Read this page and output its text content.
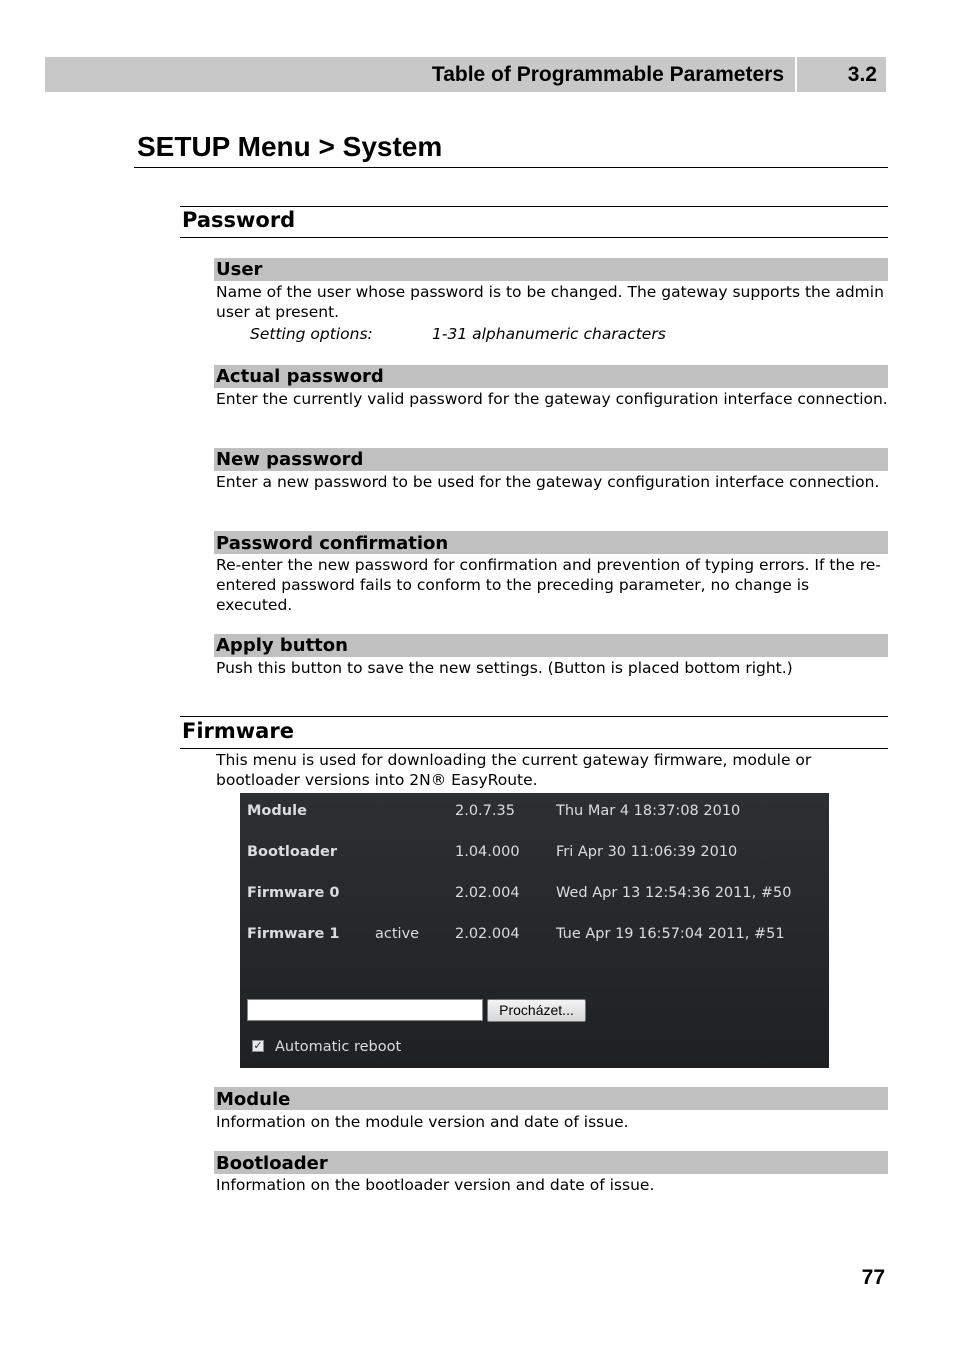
Table of Programmable Parameters	3.2
SETUP Menu > System
Password
User
Name of the user whose password is to be changed. The gateway supports the admin user at present.
Setting options:	1-31 alphanumeric characters
Actual password
Enter the currently valid password for the gateway configuration interface connection.
New password
Enter a new password to be used for the gateway configuration interface connection.
Password confirmation
Re-enter the new password for confirmation and prevention of typing errors. If the re-entered password fails to conform to the preceding parameter, no change is executed.
Apply button
Push this button to save the new settings. (Button is placed bottom right.)
Firmware
This menu is used for downloading the current gateway firmware, module or bootloader versions into 2N® EasyRoute.
Module	2.0.7.35	Thu Mar 4 18:37:08 2010
Bootloader	1.04.000	Fri Apr 30 11:06:39 2010
Firmware 0	2.02.004	Wed Apr 13 12:54:36 2011, #50
Firmware 1 active 2.02.004	Tue Apr 19 16:57:04 2011, #51
Procházet...
✓ Automatic reboot
Module
Information on the module version and date of issue.
Bootloader
Information on the bootloader version and date of issue.
77
